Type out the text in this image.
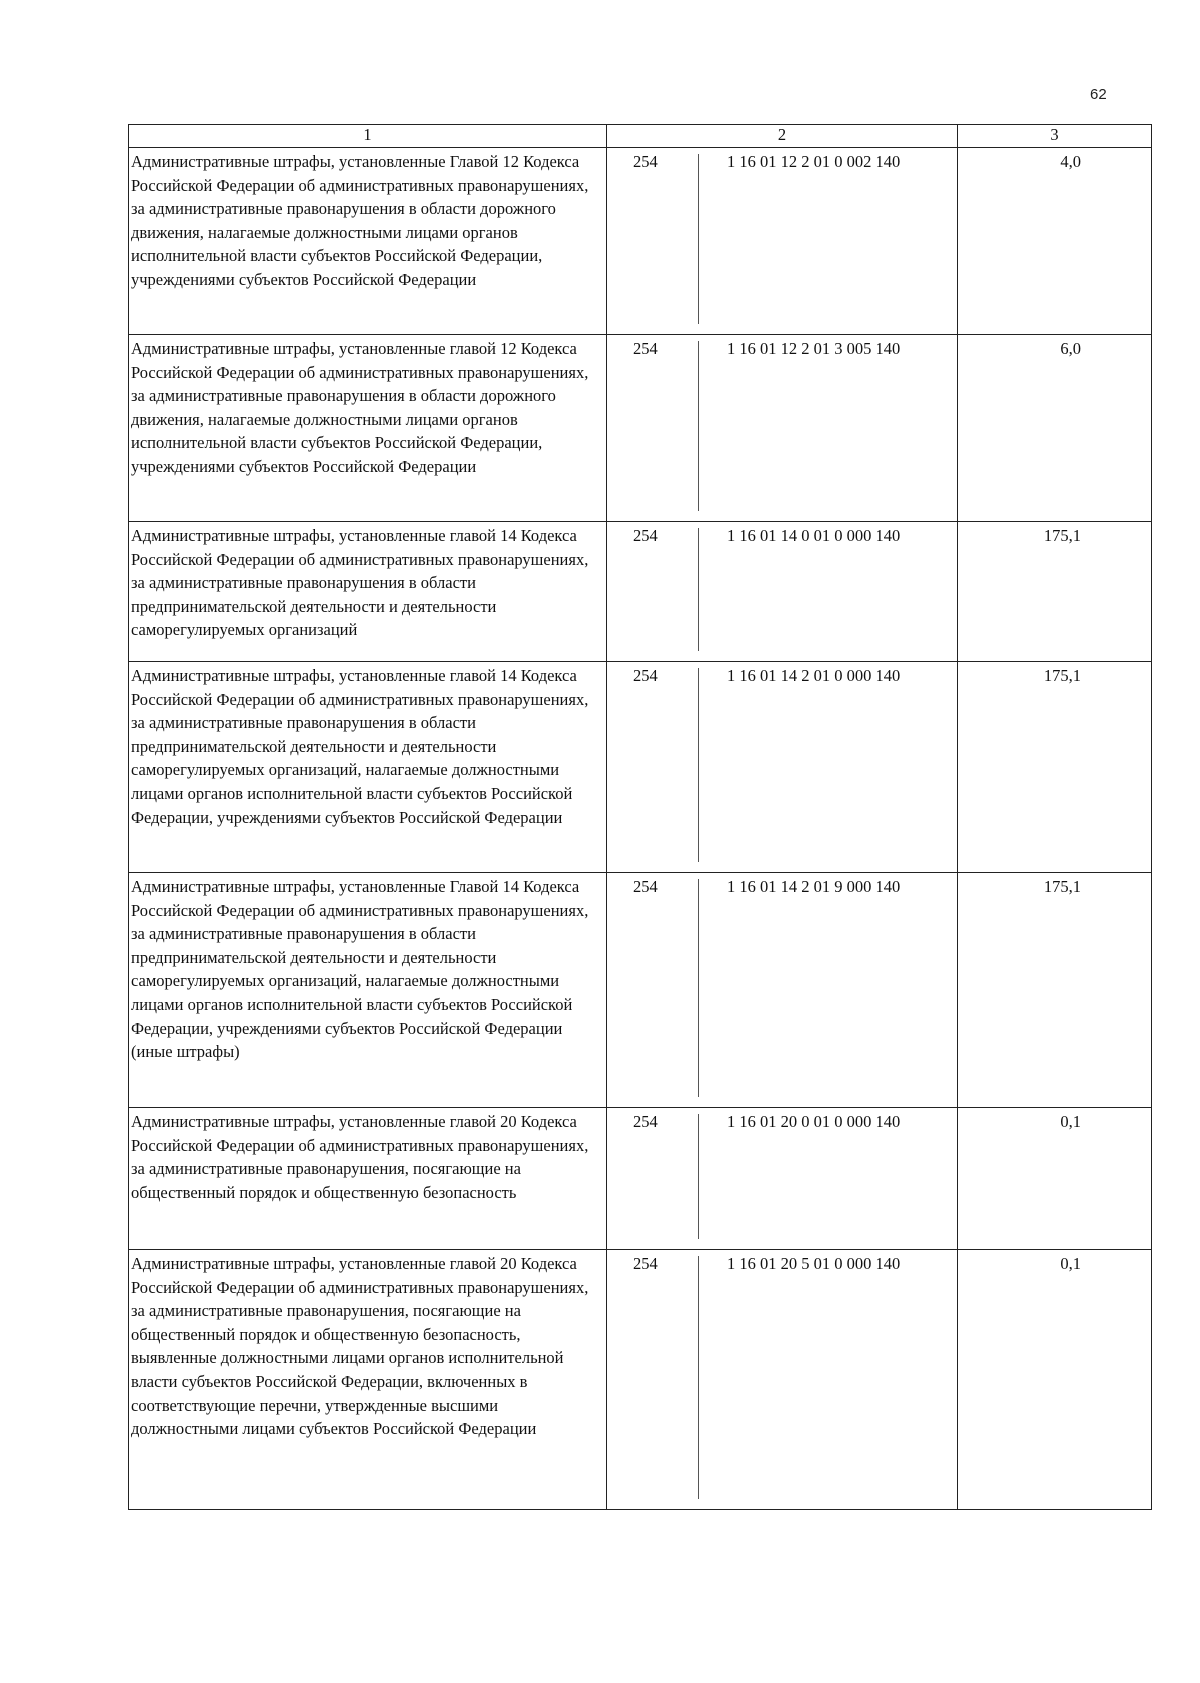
62
1	2	3
Административные штрафы, установленные Главой 12 Кодекса Российской Федерации об административных правонарушениях, за административные правонарушения в области дорожного движения, налагаемые должностными лицами органов исполнительной власти субъектов Российской Федерации, учреждениями субъектов Российской Федерации	254 1 16 01 12 2 01 0 002 140	4,0
Административные штрафы, установленные главой 12 Кодекса Российской Федерации об административных правонарушениях, за административные правонарушения в области дорожного движения, налагаемые должностными лицами органов исполнительной власти субъектов Российской Федерации, учреждениями субъектов Российской Федерации	254 1 16 01 12 2 01 3 005 140	6,0
Административные штрафы, установленные главой 14 Кодекса Российской Федерации об административных правонарушениях, за административные правонарушения в области предпринимательской деятельности и деятельности саморегулируемых организаций	254 1 16 01 14 0 01 0 000 140	175,1
Административные штрафы, установленные главой 14 Кодекса Российской Федерации об административных правонарушениях, за административные правонарушения в области предпринимательской деятельности и деятельности саморегулируемых организаций, налагаемые должностными лицами органов исполнительной власти субъектов Российской Федерации, учреждениями субъектов Российской Федерации	254 1 16 01 14 2 01 0 000 140	175,1
Административные штрафы, установленные Главой 14 Кодекса Российской Федерации об административных правонарушениях, за административные правонарушения в области предпринимательской деятельности и деятельности саморегулируемых организаций, налагаемые должностными лицами органов исполнительной власти субъектов Российской Федерации, учреждениями субъектов Российской Федерации (иные штрафы)	254 1 16 01 14 2 01 9 000 140	175,1
Административные штрафы, установленные главой 20 Кодекса Российской Федерации об административных правонарушениях, за административные правонарушения, посягающие на общественный порядок и общественную безопасность	254 1 16 01 20 0 01 0 000 140	0,1
Административные штрафы, установленные главой 20 Кодекса Российской Федерации об административных правонарушениях, за административные правонарушения, посягающие на общественный порядок и общественную безопасность, выявленные должностными лицами органов исполнительной власти субъектов Российской Федерации, включенных в соответствующие перечни, утвержденные высшими должностными лицами субъектов Российской Федерации	254 1 16 01 20 5 01 0 000 140	0,1
